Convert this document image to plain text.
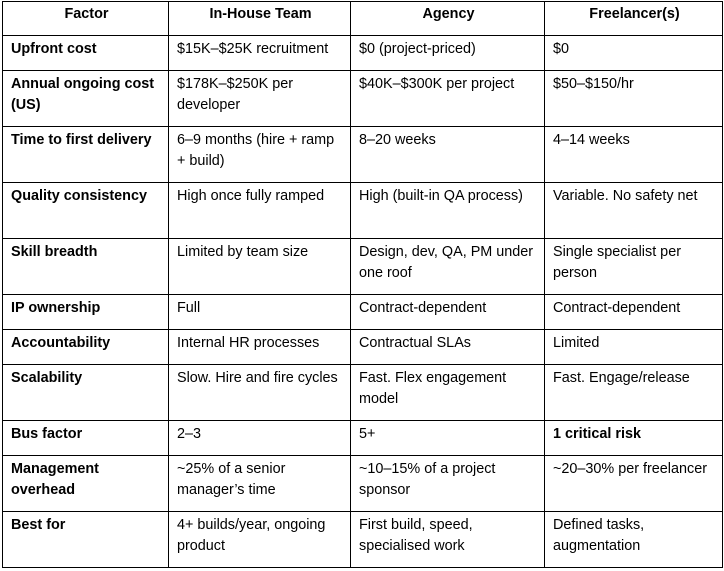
Factor	In-House Team	Agency	Freelancer(s)
Upfront cost	$15K–$25K recruitment	$0 (project-priced)	$0
Annual ongoing cost (US)	$178K–$250K per developer	$40K–$300K per project	$50–$150/hr
Time to first delivery	6–9 months (hire + ramp + build)	8–20 weeks	4–14 weeks
Quality consistency	High once fully ramped	High (built-in QA process)	Variable. No safety net
Skill breadth	Limited by team size	Design, dev, QA, PM under one roof	Single specialist per person
IP ownership	Full	Contract-dependent	Contract-dependent
Accountability	Internal HR processes	Contractual SLAs	Limited
Scalability	Slow. Hire and fire cycles	Fast. Flex engagement model	Fast. Engage/release
Bus factor	2–3	5+	1 critical risk
Management overhead	~25% of a senior manager’s time	~10–15% of a project sponsor	~20–30% per freelancer
Best for	4+ builds/year, ongoing product	First build, speed, specialised work	Defined tasks, augmentation
